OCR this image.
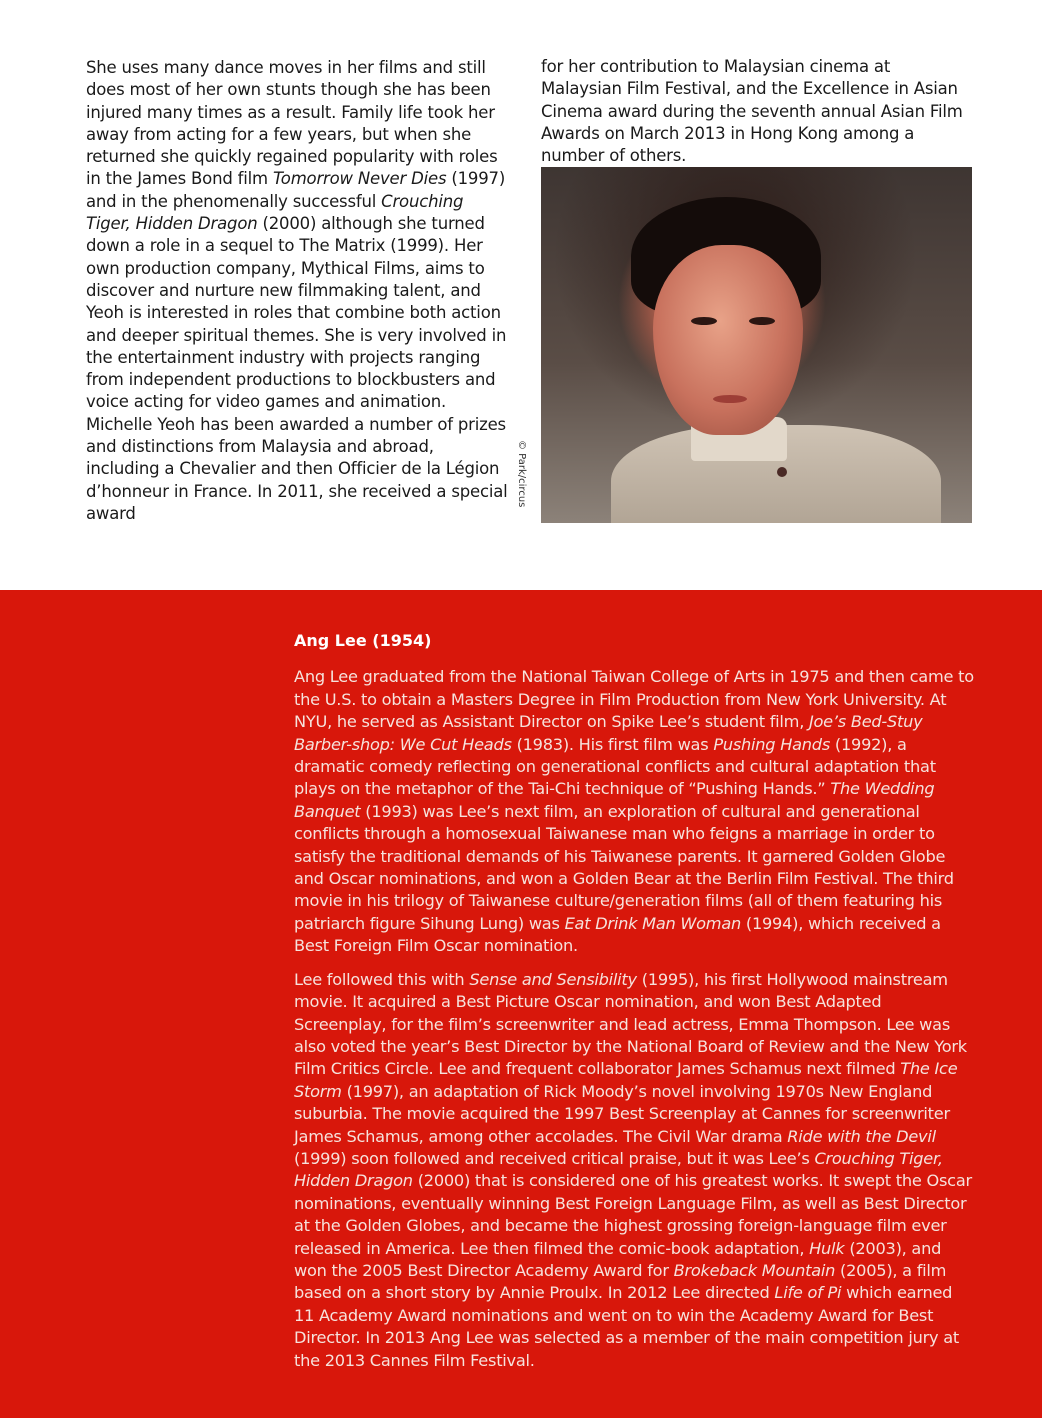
She uses many dance moves in her films and still does most of her own stunts though she has been injured many times as a result. Family life took her away from acting for a few years, but when she returned she quickly regained popularity with roles in the James Bond film Tomorrow Never Dies (1997) and in the phenomenally successful Crouching Tiger, Hidden Dragon (2000) although she turned down a role in a sequel to The Matrix (1999). Her own production company, Mythical Films, aims to discover and nurture new filmmaking talent, and Yeoh is interested in roles that combine both action and deeper spiritual themes. She is very involved in the entertainment industry with projects ranging from independent productions to blockbusters and voice acting for video games and animation.

Michelle Yeoh has been awarded a number of prizes and distinctions from Malaysia and abroad, including a Chevalier and then Officier de la Légion d’honneur in France. In 2011, she received a special award

for her contribution to Malaysian cinema at Malaysian Film Festival, and the Excellence in Asian Cinema award during the seventh annual Asian Film Awards on March 2013 in Hong Kong among a number of others.

© Park/circus
Ang Lee (1954)

Ang Lee graduated from the National Taiwan College of Arts in 1975 and then came to the U.S. to obtain a Masters Degree in Film Production from New York University. At NYU, he served as Assistant Director on Spike Lee’s student film, Joe’s Bed-Stuy Barber-shop: We Cut Heads (1983). His first film was Pushing Hands (1992), a dramatic comedy reflecting on generational conflicts and cultural adaptation that plays on the metaphor of the Tai-Chi technique of “Pushing Hands.” The Wedding Banquet (1993) was Lee’s next film, an exploration of cultural and generational conflicts through a homosexual Taiwanese man who feigns a marriage in order to satisfy the traditional demands of his Taiwanese parents. It garnered Golden Globe and Oscar nominations, and won a Golden Bear at the Berlin Film Festival. The third movie in his trilogy of Taiwanese culture/generation films (all of them featuring his patriarch figure Sihung Lung) was Eat Drink Man Woman (1994), which received a Best Foreign Film Oscar nomination.

Lee followed this with Sense and Sensibility (1995), his first Hollywood mainstream movie. It acquired a Best Picture Oscar nomination, and won Best Adapted Screenplay, for the film’s screenwriter and lead actress, Emma Thompson. Lee was also voted the year’s Best Director by the National Board of Review and the New York Film Critics Circle. Lee and frequent collaborator James Schamus next filmed The Ice Storm (1997), an adaptation of Rick Moody’s novel involving 1970s New England suburbia. The movie acquired the 1997 Best Screenplay at Cannes for screenwriter James Schamus, among other accolades. The Civil War drama Ride with the Devil (1999) soon followed and received critical praise, but it was Lee’s Crouching Tiger, Hidden Dragon (2000) that is considered one of his greatest works. It swept the Oscar nominations, eventually winning Best Foreign Language Film, as well as Best Director at the Golden Globes, and became the highest grossing foreign-language film ever released in America. Lee then filmed the comic-book adaptation, Hulk (2003), and won the 2005 Best Director Academy Award for Brokeback Mountain (2005), a film based on a short story by Annie Proulx. In 2012 Lee directed Life of Pi which earned 11 Academy Award nominations and went on to win the Academy Award for Best Director. In 2013 Ang Lee was selected as a member of the main competition jury at the 2013 Cannes Film Festival.
